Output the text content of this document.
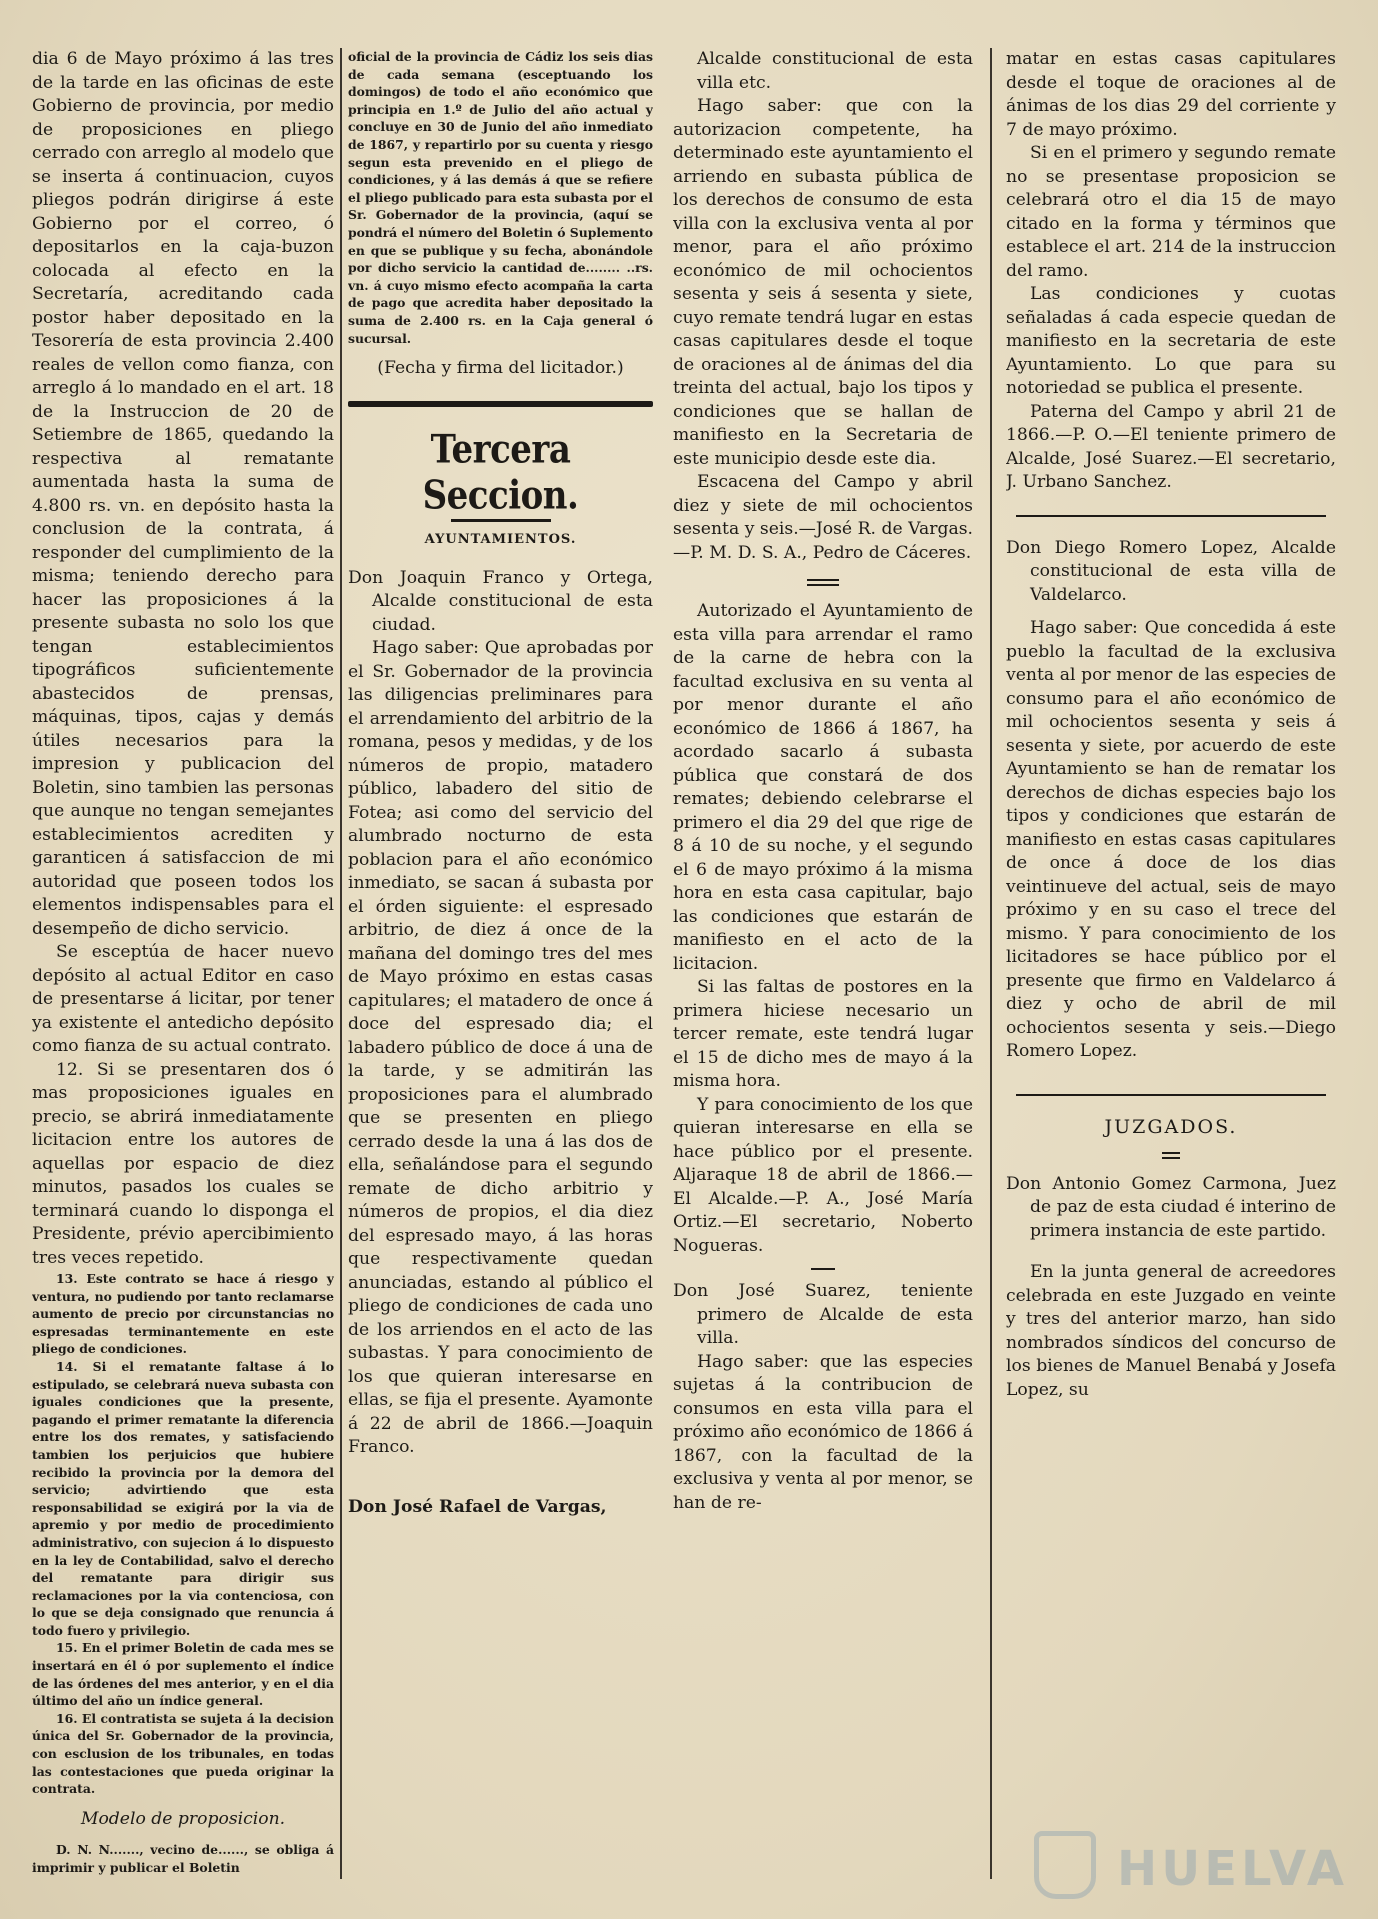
dia 6 de Mayo próximo á las tres de la tarde en las oficinas de este Gobierno de provincia, por medio de proposiciones en pliego cerrado con arreglo al modelo que se inserta á continuacion, cuyos pliegos podrán dirigirse á este Gobierno por el correo, ó depositarlos en la caja-buzon colocada al efecto en la Secretaría, acreditando cada postor haber depositado en la Tesorería de esta provincia 2.400 reales de vellon como fianza, con arreglo á lo mandado en el art. 18 de la Instruccion de 20 de Setiembre de 1865, quedando la respectiva al rematante aumentada hasta la suma de 4.800 rs. vn. en depósito hasta la conclusion de la contrata, á responder del cumplimiento de la misma; teniendo derecho para hacer las proposiciones á la presente subasta no solo los que tengan establecimientos tipográficos suficientemente abastecidos de prensas, máquinas, tipos, cajas y demás útiles necesarios para la impresion y publicacion del Boletin, sino tambien las personas que aunque no tengan semejantes establecimientos acrediten y garanticen á satisfaccion de mi autoridad que poseen todos los elementos indispensables para el desempeño de dicho servicio.

Se esceptúa de hacer nuevo depósito al actual Editor en caso de presentarse á licitar, por tener ya existente el antedicho depósito como fianza de su actual contrato.

12. Si se presentaren dos ó mas proposiciones iguales en precio, se abrirá inmediatamente licitacion entre los autores de aquellas por espacio de diez minutos, pasados los cuales se terminará cuando lo disponga el Presidente, prévio apercibimiento tres veces repetido.

13. Este contrato se hace á riesgo y ventura, no pudiendo por tanto reclamarse aumento de precio por circunstancias no espresadas terminantemente en este pliego de condiciones.

14. Si el rematante faltase á lo estipulado, se celebrará nueva subasta con iguales condiciones que la presente, pagando el primer rematante la diferencia entre los dos remates, y satisfaciendo tambien los perjuicios que hubiere recibido la provincia por la demora del servicio; advirtiendo que esta responsabilidad se exigirá por la via de apremio y por medio de procedimiento administrativo, con sujecion á lo dispuesto en la ley de Contabilidad, salvo el derecho del rematante para dirigir sus reclamaciones por la via contenciosa, con lo que se deja consignado que renuncia á todo fuero y privilegio.

15. En el primer Boletin de cada mes se insertará en él ó por suplemento el índice de las órdenes del mes anterior, y en el dia último del año un índice general.

16. El contratista se sujeta á la decision única del Sr. Gobernador de la provincia, con esclusion de los tribunales, en todas las contestaciones que pueda originar la contrata.

Modelo de proposicion.

D. N. N......., vecino de......, se obliga á imprimir y publicar el Boletin

oficial de la provincia de Cádiz los seis dias de cada semana (esceptuando los domingos) de todo el año económico que principia en 1.º de Julio del año actual y concluye en 30 de Junio del año inmediato de 1867, y repartirlo por su cuenta y riesgo segun esta prevenido en el pliego de condiciones, y á las demás á que se refiere el pliego publicado para esta subasta por el Sr. Gobernador de la provincia, (aquí se pondrá el número del Boletin ó Suplemento en que se publique y su fecha, abonándole por dicho servicio la cantidad de........ ..rs. vn. á cuyo mismo efecto acompaña la carta de pago que acredita haber depositado la suma de 2.400 rs. en la Caja general ó sucursal.

(Fecha y firma del licitador.)

Tercera Seccion.
AYUNTAMIENTOS.

Don Joaquin Franco y Ortega, Alcalde constitucional de esta ciudad.

Hago saber: Que aprobadas por el Sr. Gobernador de la provincia las diligencias preliminares para el arrendamiento del arbitrio de la romana, pesos y medidas, y de los números de propio, matadero público, labadero del sitio de Fotea; asi como del servicio del alumbrado nocturno de esta poblacion para el año económico inmediato, se sacan á subasta por el órden siguiente: el espresado arbitrio, de diez á once de la mañana del domingo tres del mes de Mayo próximo en estas casas capitulares; el matadero de once á doce del espresado dia; el labadero público de doce á una de la tarde, y se admitirán las proposiciones para el alumbrado que se presenten en pliego cerrado desde la una á las dos de ella, señalándose para el segundo remate de dicho arbitrio y números de propios, el dia diez del espresado mayo, á las horas que respectivamente quedan anunciadas, estando al público el pliego de condiciones de cada uno de los arriendos en el acto de las subastas. Y para conocimiento de los que quieran interesarse en ellas, se fija el presente. Ayamonte á 22 de abril de 1866.—Joaquin Franco.

Don José Rafael de Vargas,

Alcalde constitucional de esta villa etc.

Hago saber: que con la autorizacion competente, ha determinado este ayuntamiento el arriendo en subasta pública de los derechos de consumo de esta villa con la exclusiva venta al por menor, para el año próximo económico de mil ochocientos sesenta y seis á sesenta y siete, cuyo remate tendrá lugar en estas casas capitulares desde el toque de oraciones al de ánimas del dia treinta del actual, bajo los tipos y condiciones que se hallan de manifiesto en la Secretaria de este municipio desde este dia.

Escacena del Campo y abril diez y siete de mil ochocientos sesenta y seis.—José R. de Vargas.—P. M. D. S. A., Pedro de Cáceres.

Autorizado el Ayuntamiento de esta villa para arrendar el ramo de la carne de hebra con la facultad exclusiva en su venta al por menor durante el año económico de 1866 á 1867, ha acordado sacarlo á subasta pública que constará de dos remates; debiendo celebrarse el primero el dia 29 del que rige de 8 á 10 de su noche, y el segundo el 6 de mayo próximo á la misma hora en esta casa capitular, bajo las condiciones que estarán de manifiesto en el acto de la licitacion.

Si las faltas de postores en la primera hiciese necesario un tercer remate, este tendrá lugar el 15 de dicho mes de mayo á la misma hora.

Y para conocimiento de los que quieran interesarse en ella se hace público por el presente. Aljaraque 18 de abril de 1866.—El Alcalde.—P. A., José María Ortiz.—El secretario, Noberto Nogueras.

Don José Suarez, teniente primero de Alcalde de esta villa.

Hago saber: que las especies sujetas á la contribucion de consumos en esta villa para el próximo año económico de 1866 á 1867, con la facultad de la exclusiva y venta al por menor, se han de re-

matar en estas casas capitulares desde el toque de oraciones al de ánimas de los dias 29 del corriente y 7 de mayo próximo.

Si en el primero y segundo remate no se presentase proposicion se celebrará otro el dia 15 de mayo citado en la forma y términos que establece el art. 214 de la instruccion del ramo.

Las condiciones y cuotas señaladas á cada especie quedan de manifiesto en la secretaria de este Ayuntamiento. Lo que para su notoriedad se publica el presente.

Paterna del Campo y abril 21 de 1866.—P. O.—El teniente primero de Alcalde, José Suarez.—El secretario, J. Urbano Sanchez.

Don Diego Romero Lopez, Alcalde constitucional de esta villa de Valdelarco.

Hago saber: Que concedida á este pueblo la facultad de la exclusiva venta al por menor de las especies de consumo para el año económico de mil ochocientos sesenta y seis á sesenta y siete, por acuerdo de este Ayuntamiento se han de rematar los derechos de dichas especies bajo los tipos y condiciones que estarán de manifiesto en estas casas capitulares de once á doce de los dias veintinueve del actual, seis de mayo próximo y en su caso el trece del mismo. Y para conocimiento de los licitadores se hace público por el presente que firmo en Valdelarco á diez y ocho de abril de mil ochocientos sesenta y seis.—Diego Romero Lopez.

JUZGADOS.

Don Antonio Gomez Carmona, Juez de paz de esta ciudad é interino de primera instancia de este partido.

En la junta general de acreedores celebrada en este Juzgado en veinte y tres del anterior marzo, han sido nombrados síndicos del concurso de los bienes de Manuel Benabá y Josefa Lopez, su

HUELVA
